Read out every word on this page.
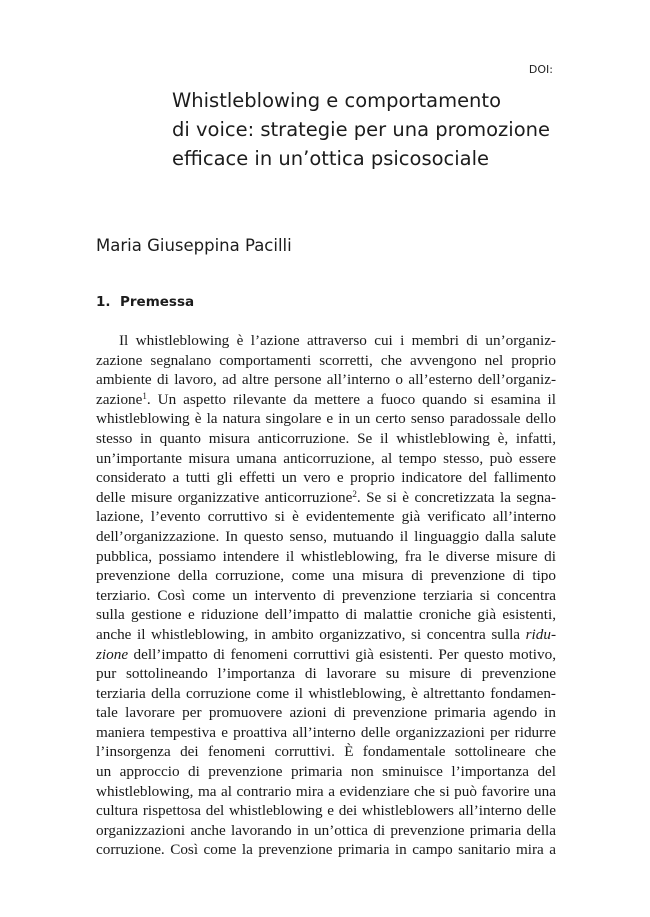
DOI:
Whistleblowing e comportamento
di voice: strategie per una promozione
efficace in un’ottica psicosociale
Maria Giuseppina Pacilli
1. Premessa
Il whistleblowing è l’azione attraverso cui i membri di un’organiz-
zazione segnalano comportamenti scorretti, che avvengono nel proprio
ambiente di lavoro, ad altre persone all’interno o all’esterno dell’organiz-
zazione$^1$. Un aspetto rilevante da mettere a fuoco quando si esamina il
whistleblowing è la natura singolare e in un certo senso paradossale dello
stesso in quanto misura anticorruzione. Se il whistleblowing è, infatti,
un’importante misura umana anticorruzione, al tempo stesso, può essere
considerato a tutti gli effetti un vero e proprio indicatore del fallimento
delle misure organizzative anticorruzione$^2$. Se si è concretizzata la segna-
lazione, l’evento corruttivo si è evidentemente già verificato all’interno
dell’organizzazione. In questo senso, mutuando il linguaggio dalla salute
pubblica, possiamo intendere il whistleblowing, fra le diverse misure di
prevenzione della corruzione, come una misura di prevenzione di tipo
terziario. Così come un intervento di prevenzione terziaria si concentra
sulla gestione e riduzione dell’impatto di malattie croniche già esistenti,
anche il whistleblowing, in ambito organizzativo, si concentra sulla ridu-
zione dell’impatto di fenomeni corruttivi già esistenti. Per questo motivo,
pur sottolineando l’importanza di lavorare su misure di prevenzione
terziaria della corruzione come il whistleblowing, è altrettanto fondamen-
tale lavorare per promuovere azioni di prevenzione primaria agendo in
maniera tempestiva e proattiva all’interno delle organizzazioni per ridurre
l’insorgenza dei fenomeni corruttivi. È fondamentale sottolineare che
un approccio di prevenzione primaria non sminuisce l’importanza del
whistleblowing, ma al contrario mira a evidenziare che si può favorire una
cultura rispettosa del whistleblowing e dei whistleblowers all’interno delle
organizzazioni anche lavorando in un’ottica di prevenzione primaria della
corruzione. Così come la prevenzione primaria in campo sanitario mira a
